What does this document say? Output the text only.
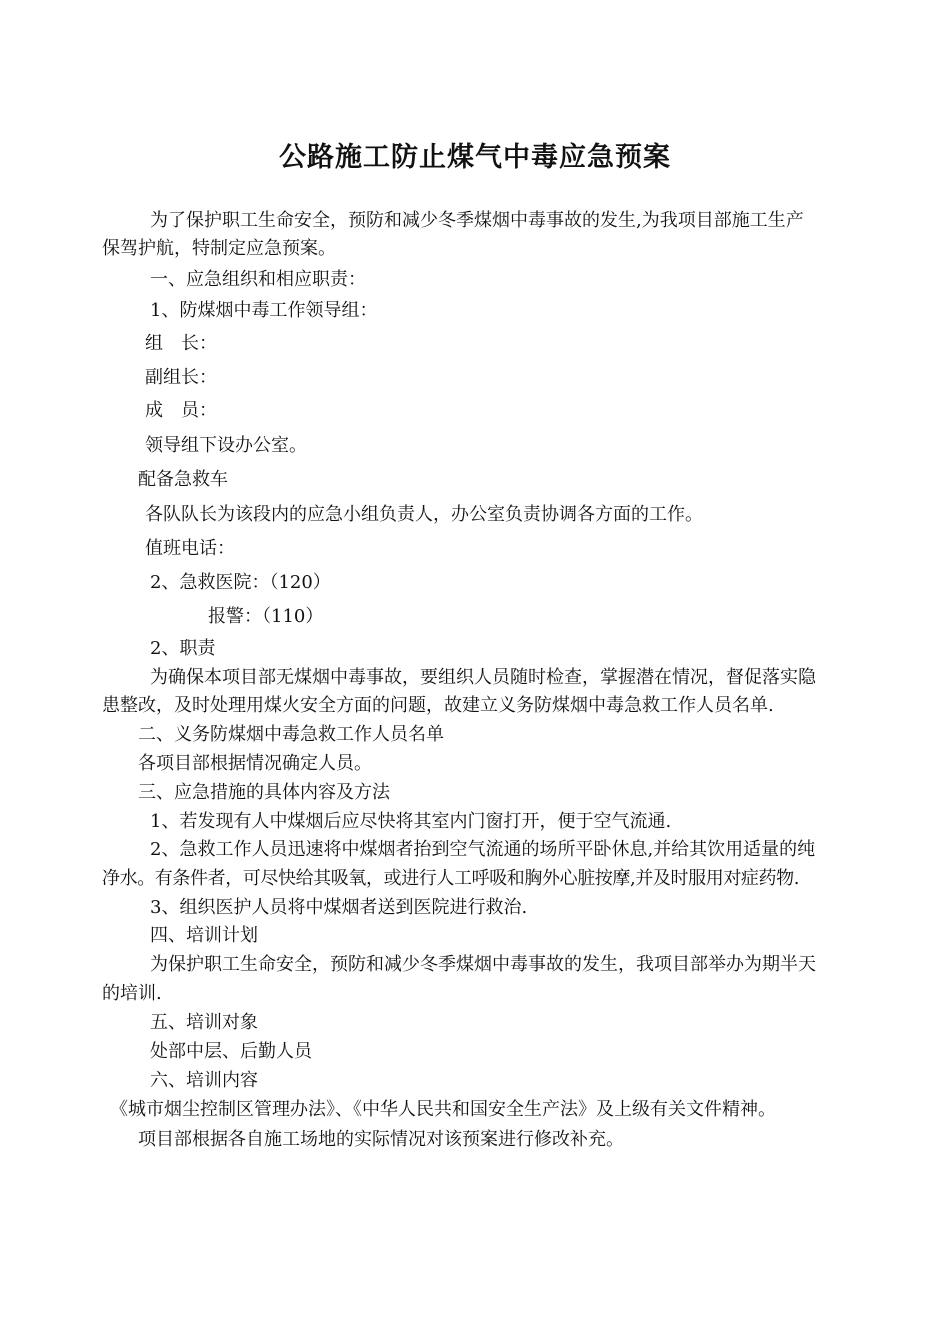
公路施工防止煤气中毒应急预案
为了保护职工生命安全，预防和减少冬季煤烟中毒事故的发生,为我项目部施工生产
保驾护航，特制定应急预案。
一、应急组织和相应职责：
1、防煤烟中毒工作领导组：
组　长：
副组长：
成　员：
领导组下设办公室。
配备急救车
各队队长为该段内的应急小组负责人，办公室负责协调各方面的工作。
值班电话：
2、急救医院：（120）
报警：（110）
2、职责
为确保本项目部无煤烟中毒事故，要组织人员随时检查，掌握潜在情况，督促落实隐
患整改，及时处理用煤火安全方面的问题，故建立义务防煤烟中毒急救工作人员名单.
二、义务防煤烟中毒急救工作人员名单
各项目部根据情况确定人员。
三、应急措施的具体内容及方法
1、若发现有人中煤烟后应尽快将其室内门窗打开，便于空气流通.
2、急救工作人员迅速将中煤烟者抬到空气流通的场所平卧休息,并给其饮用适量的纯
净水。有条件者，可尽快给其吸氧，或进行人工呼吸和胸外心脏按摩,并及时服用对症药物.
3、组织医护人员将中煤烟者送到医院进行救治.
四、培训计划
为保护职工生命安全，预防和减少冬季煤烟中毒事故的发生，我项目部举办为期半天
的培训.
五、培训对象
处部中层、后勤人员
六、培训内容
《城市烟尘控制区管理办法》、《中华人民共和国安全生产法》及上级有关文件精神。
项目部根据各自施工场地的实际情况对该预案进行修改补充。
